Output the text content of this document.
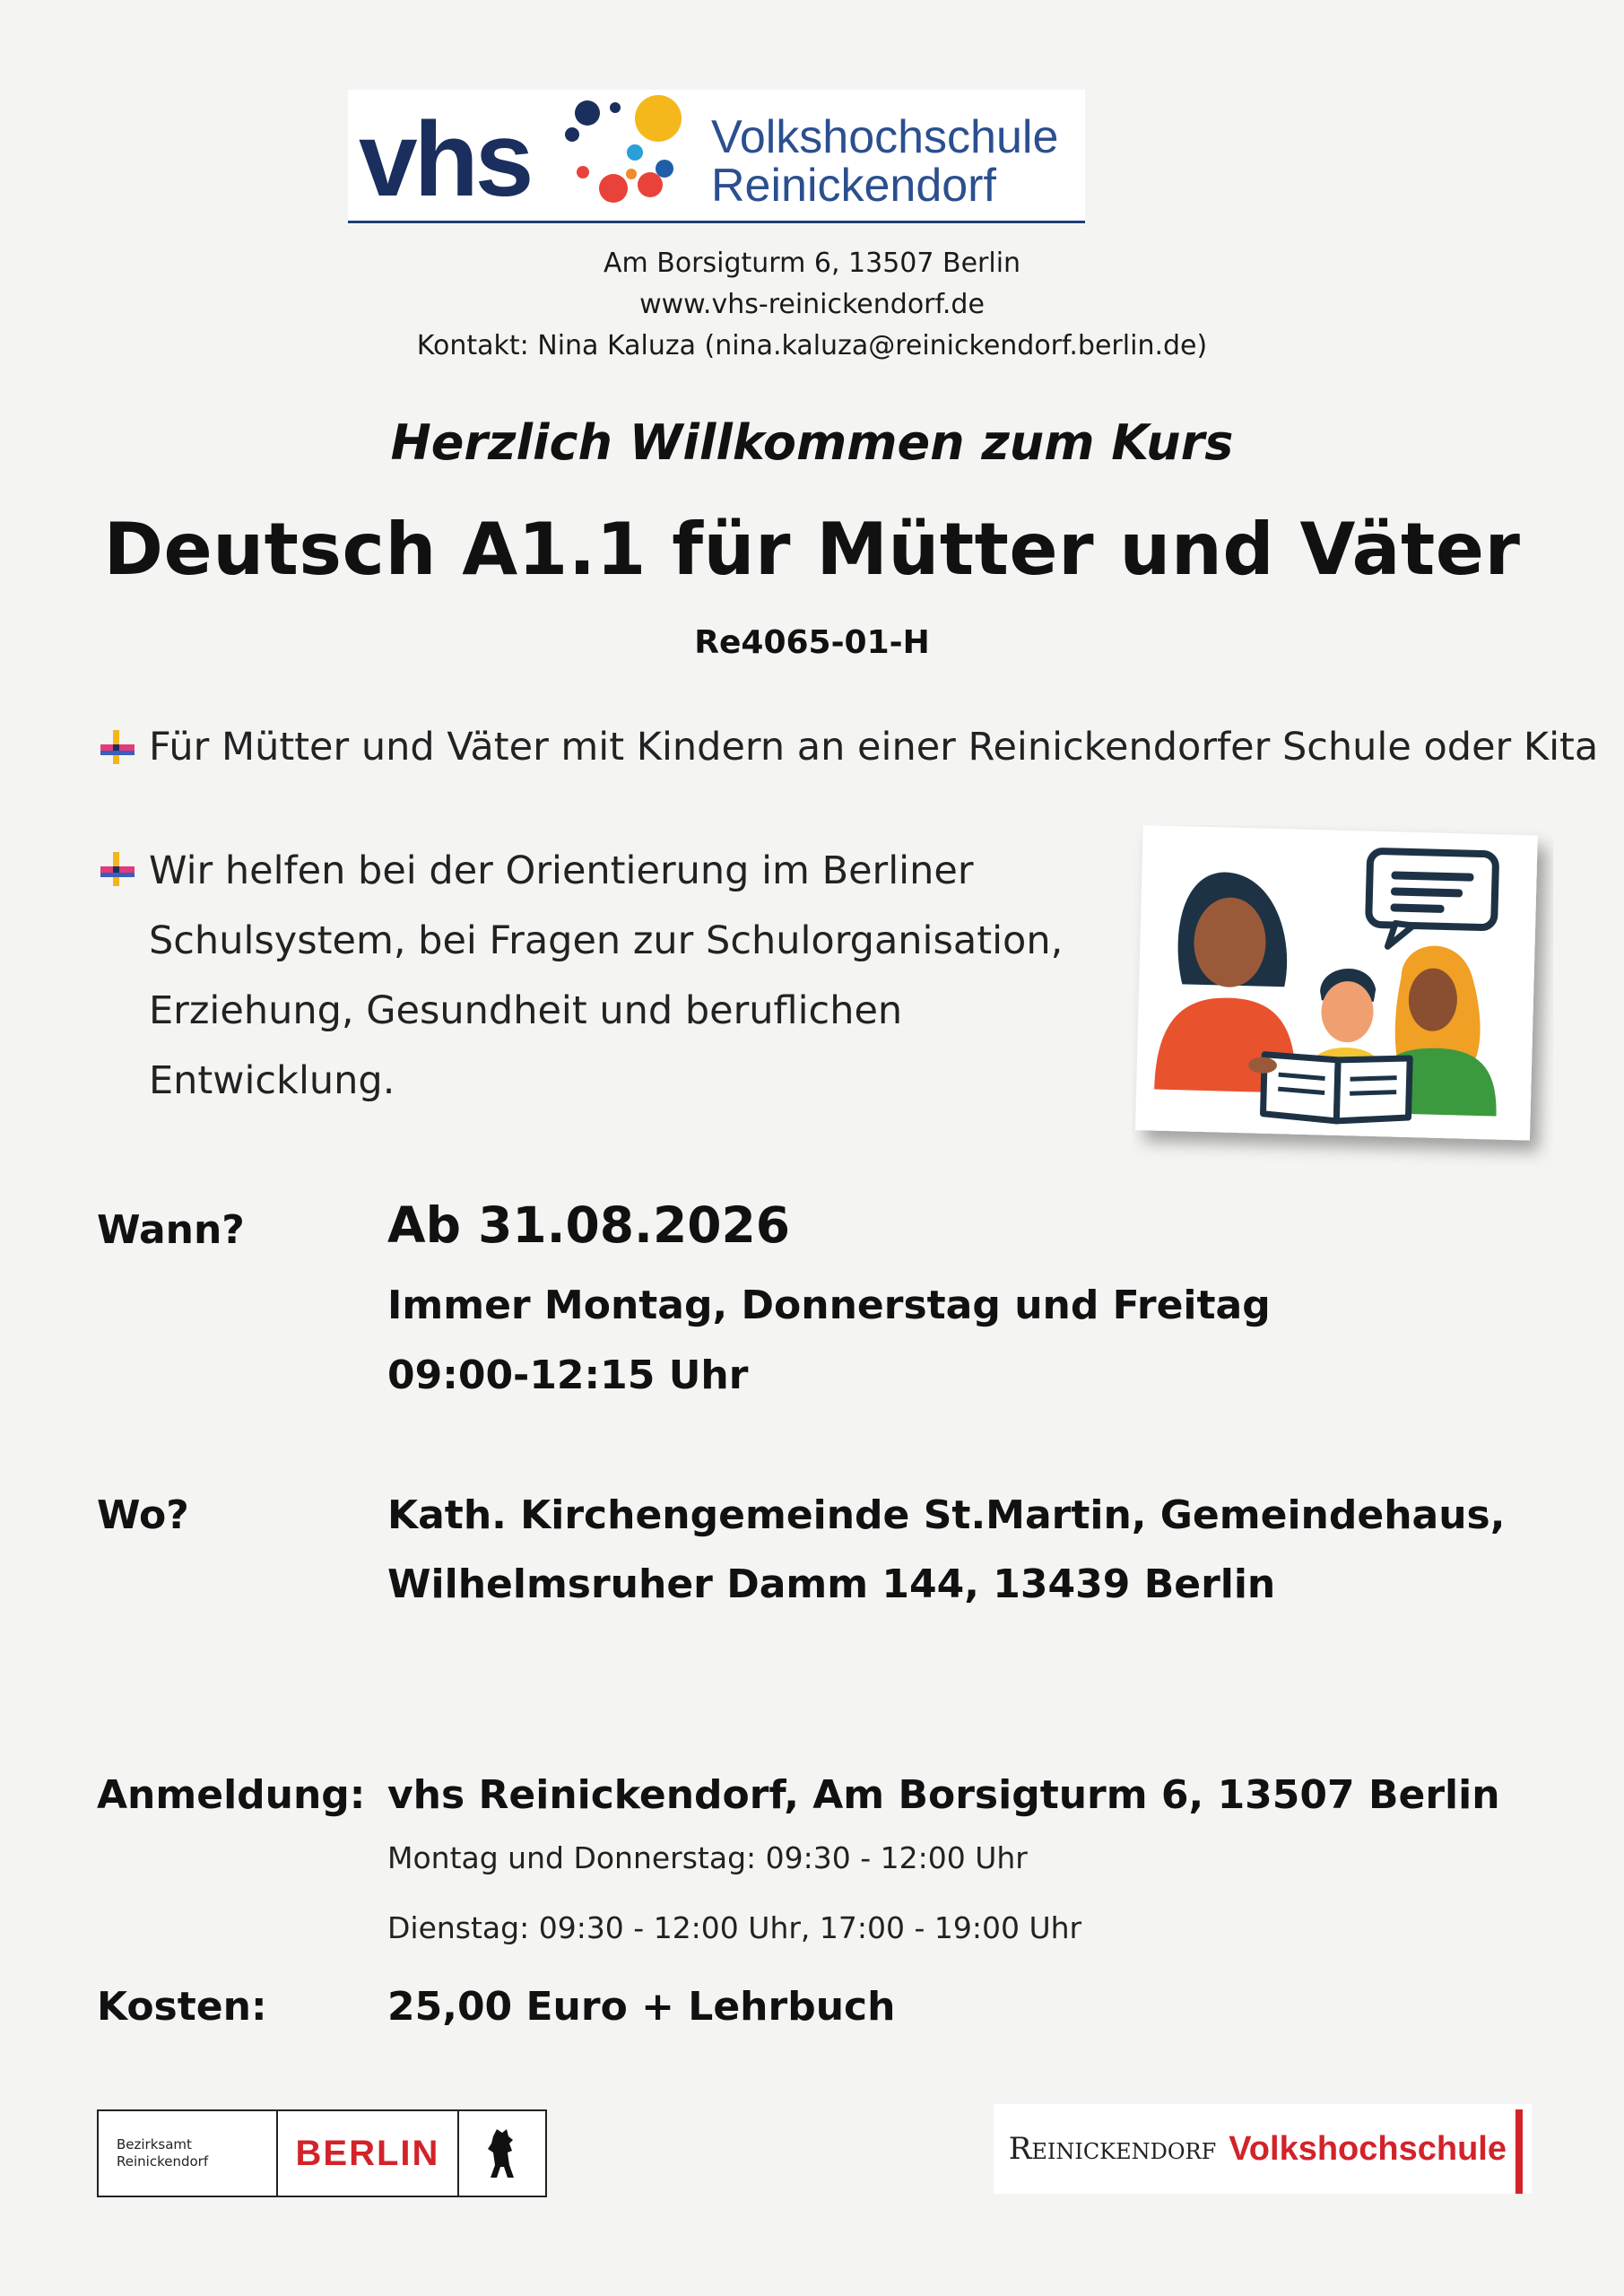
vhs	Volkshochschule
Reinickendorf
Am Borsigturm 6, 13507 Berlin
www.vhs-reinickendorf.de
Kontakt: Nina Kaluza (nina.kaluza@reinickendorf.berlin.de)
Herzlich Willkommen zum Kurs
Deutsch A1.1 für Mütter und Väter
Re4065-01-H
Für Mütter und Väter mit Kindern an einer Reinickendorfer Schule oder Kita
Wir helfen bei der Orientierung im Berliner
Schulsystem, bei Fragen zur Schulorganisation,
Erziehung, Gesundheit und beruflichen
Entwicklung.
Wann?	Ab 31.08.2026
Immer Montag, Donnerstag und Freitag
09:00-12:15 Uhr
Wo?	Kath. Kirchengemeinde St.Martin, Gemeindehaus,
Wilhelmsruher Damm 144, 13439 Berlin
Anmeldung: vhs Reinickendorf, Am Borsigturm 6, 13507 Berlin
Montag und Donnerstag: 09:30 - 12:00 Uhr
Dienstag: 09:30 - 12:00 Uhr, 17:00 - 19:00 Uhr
Kosten:	25,00 Euro + Lehrbuch
Bezirksamt
Reinickendorf	BERLIN	Reinickendorf Volkshochschule
